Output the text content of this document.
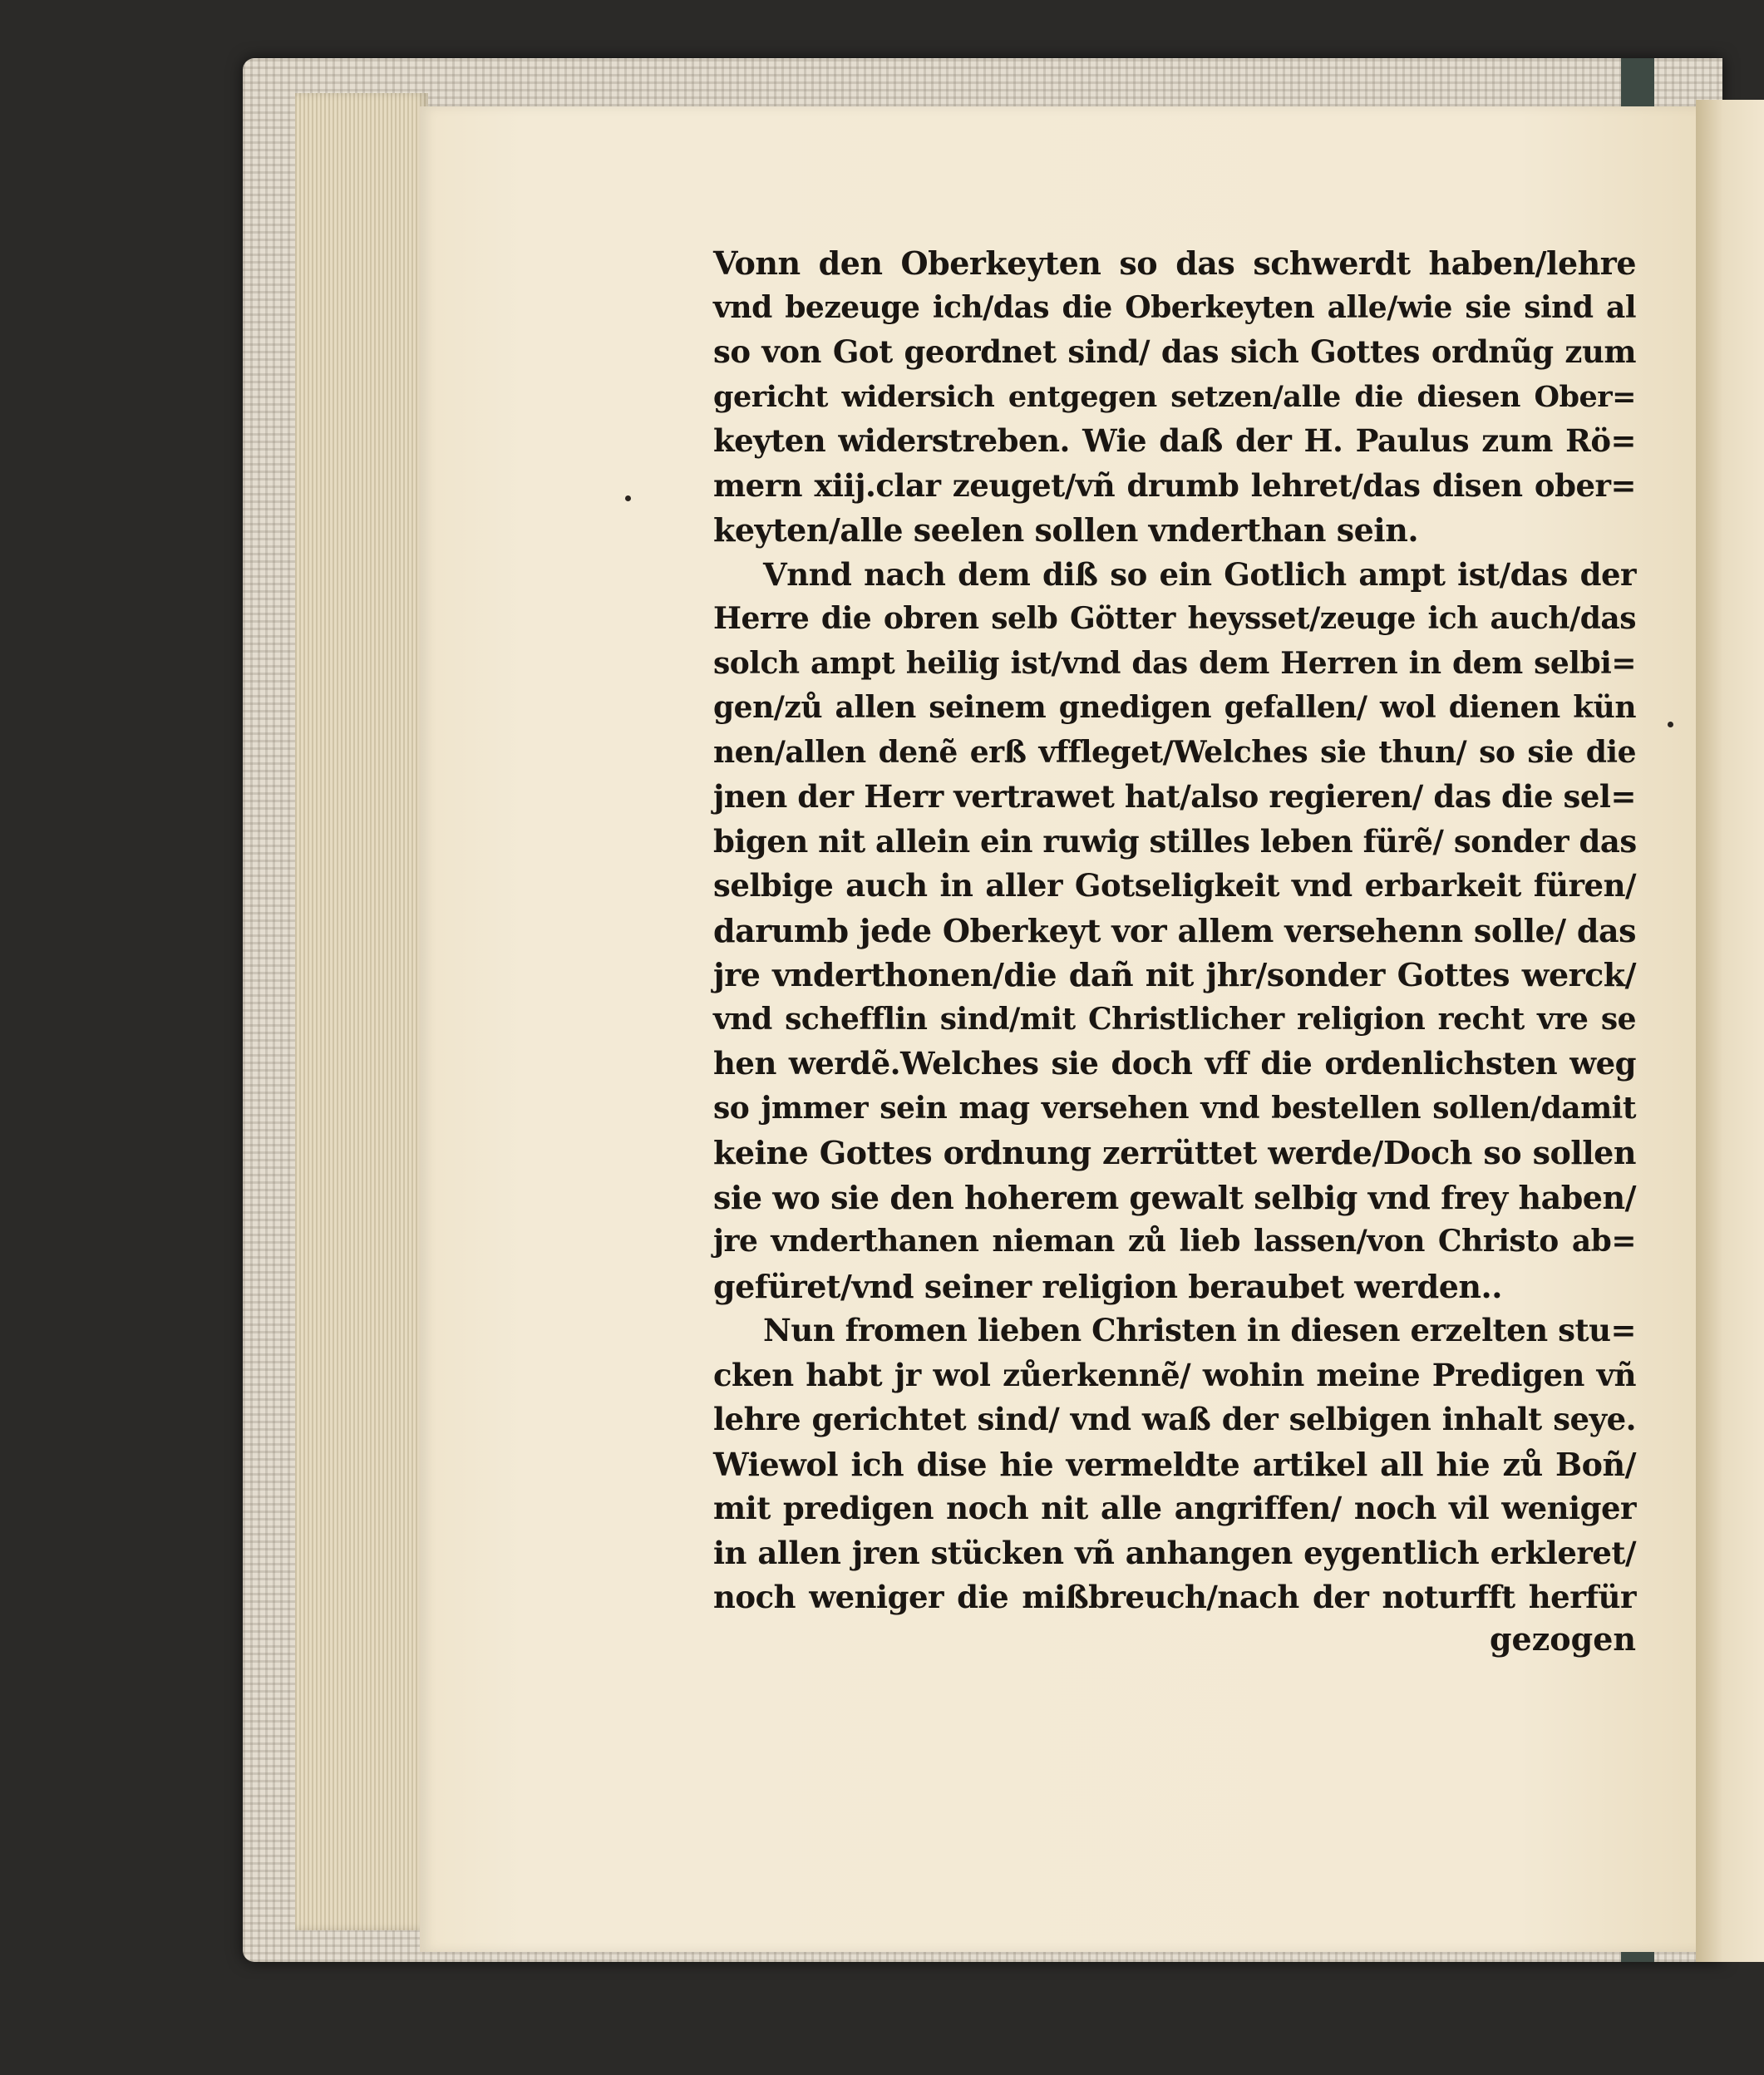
Vonn den Oberkeyten so das schwerdt haben/lehre
vnd bezeuge ich/das die Oberkeyten alle/wie sie sind al
so von Got geordnet sind/ das sich Gottes ordnũg zum
gericht widersich entgegen setzen/alle die diesen Ober=
keyten widerstreben. Wie daß der H. Paulus zum Rö=
mern xiij.clar zeuget/vñ drumb lehret/das disen ober=
keyten/alle seelen sollen vnderthan sein.
Vnnd nach dem diß so ein Gotlich ampt ist/das der
Herre die obren selb Götter heysset/zeuge ich auch/das
solch ampt heilig ist/vnd das dem Herren in dem selbi=
gen/zů allen seinem gnedigen gefallen/ wol dienen kün
nen/allen denẽ erß vffleget/Welches sie thun/ so sie die
jnen der Herr vertrawet hat/also regieren/ das die sel=
bigen nit allein ein ruwig stilles leben fürẽ/ sonder das
selbige auch in aller Gotseligkeit vnd erbarkeit füren/
darumb jede Oberkeyt vor allem versehenn solle/ das
jre vnderthonen/die dañ nit jhr/sonder Gottes werck/
vnd schefflin sind/mit Christlicher religion recht vre se
hen werdẽ.Welches sie doch vff die ordenlichsten weg
so jmmer sein mag versehen vnd bestellen sollen/damit
keine Gottes ordnung zerrüttet werde/Doch so sollen
sie wo sie den hoherem gewalt selbig vnd frey haben/
jre vnderthanen nieman zů lieb lassen/von Christo ab=
gefüret/vnd seiner religion beraubet werden..
Nun fromen lieben Christen in diesen erzelten stu=
cken habt jr wol zůerkennẽ/ wohin meine Predigen vñ
lehre gerichtet sind/ vnd waß der selbigen inhalt seye.
Wiewol ich dise hie vermeldte artikel all hie zů Boñ/
mit predigen noch nit alle angriffen/ noch vil weniger
in allen jren stücken vñ anhangen eygentlich erkleret/
noch weniger die mißbreuch/nach der noturfft herfür
gezogen
